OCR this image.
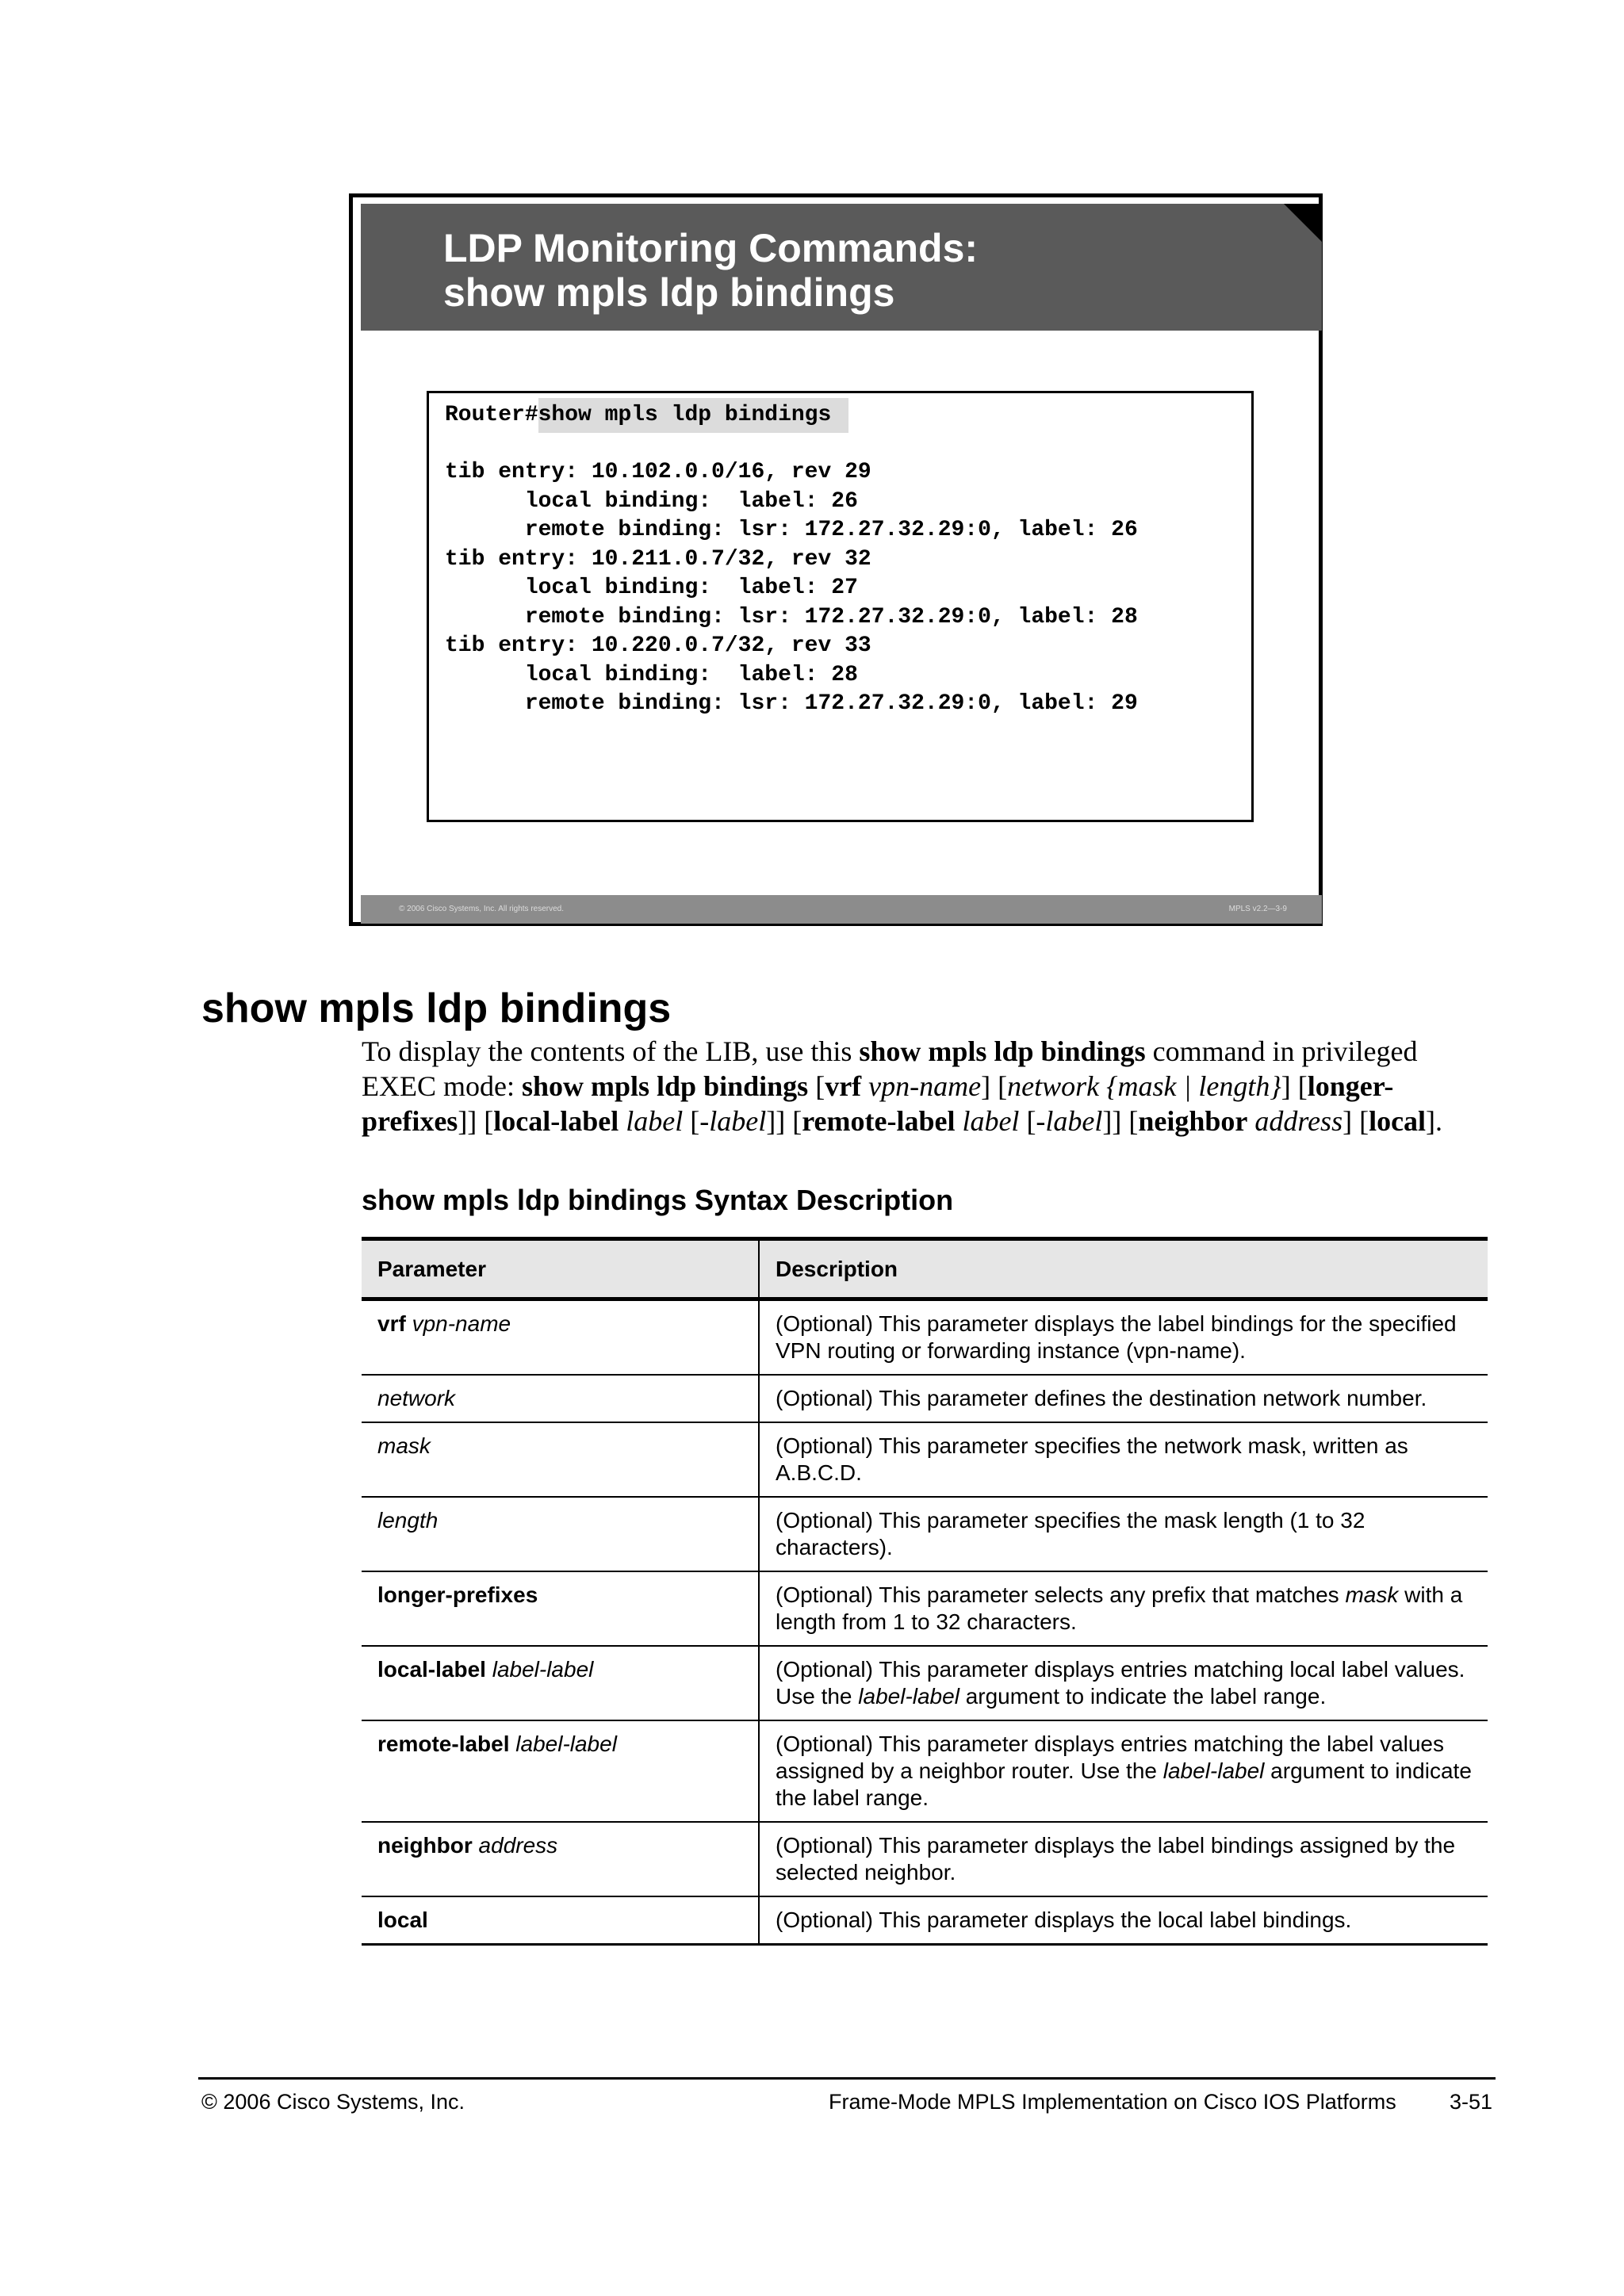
LDP Monitoring Commands:
show mpls ldp bindings
Router#show mpls ldp bindings
tib entry: 10.102.0.0/16, rev 29
local binding:  label: 26
remote binding: lsr: 172.27.32.29:0, label: 26
tib entry: 10.211.0.7/32, rev 32
local binding:  label: 27
remote binding: lsr: 172.27.32.29:0, label: 28
tib entry: 10.220.0.7/32, rev 33
local binding:  label: 28
remote binding: lsr: 172.27.32.29:0, label: 29
© 2006 Cisco Systems, Inc. All rights reserved.	MPLS v2.2—3-9
show mpls ldp bindings

To display the contents of the LIB, use this show mpls ldp bindings command in privileged
EXEC mode: show mpls ldp bindings [vrf vpn-name] [network {mask | length}] [longer-
prefixes]] [local-label label [-label]] [remote-label label [-label]] [neighbor address] [local].

show mpls ldp bindings Syntax Description
Parameter	Description
vrf vpn-name	(Optional) This parameter displays the label bindings for the specified VPN routing or forwarding instance (vpn-name).
network	(Optional) This parameter defines the destination network number.
mask	(Optional) This parameter specifies the network mask, written as A.B.C.D.
length	(Optional) This parameter specifies the mask length (1 to 32 characters).
longer-prefixes	(Optional) This parameter selects any prefix that matches mask with a length from 1 to 32 characters.
local-label label-label	(Optional) This parameter displays entries matching local label values. Use the label-label argument to indicate the label range.
remote-label label-label	(Optional) This parameter displays entries matching the label values assigned by a neighbor router. Use the label-label argument to indicate the label range.
neighbor address	(Optional) This parameter displays the label bindings assigned by the selected neighbor.
local	(Optional) This parameter displays the local label bindings.
© 2006 Cisco Systems, Inc.	Frame-Mode MPLS Implementation on Cisco IOS Platforms 3-51
